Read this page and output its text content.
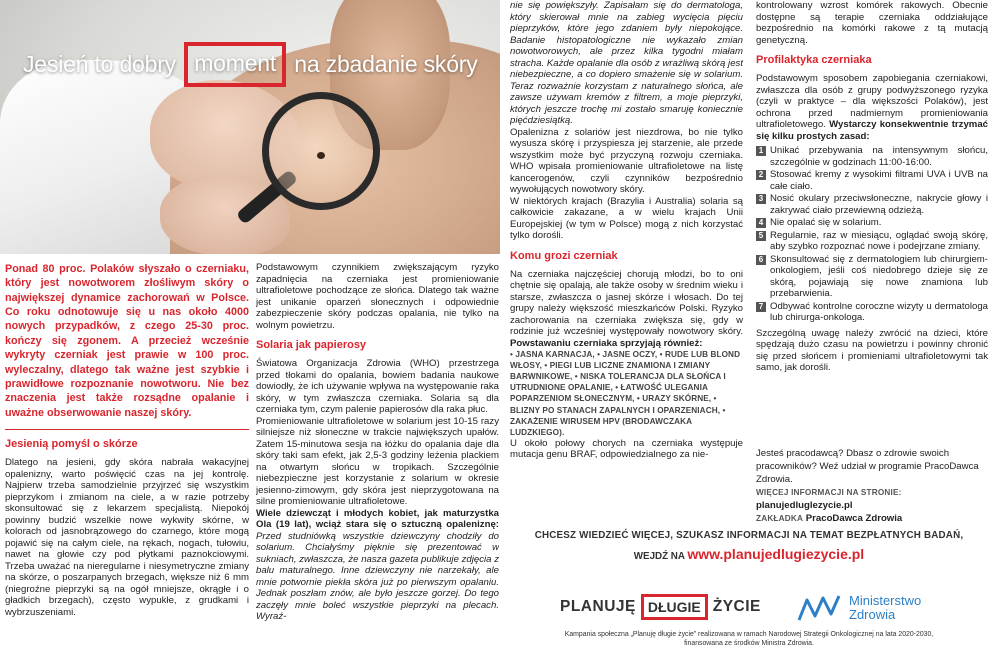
Jesień to dobry moment na zbadanie skóry

Ponad 80 proc. Polaków słyszało o czerniaku, który jest nowotworem złośliwym skóry o największej dynamice zachorowań w Polsce. Co roku odnotowuje się u nas około 4000 nowych przypadków, z czego 25-30 proc. kończy się zgonem. A przecież wcześnie wykryty czerniak jest prawie w 100 proc. wyleczalny, dlatego tak ważne jest szybkie i prawidłowe rozpoznanie nowotworu. Nie bez znaczenia jest także rozsądne opalanie i uważne obserwowanie naszej skóry.

Jesienią pomyśl o skórze

Dlatego na jesieni, gdy skóra nabrała wakacyjnej opalenizny, warto poświęcić czas na jej kontrolę. Najpierw trzeba samodzielnie przyjrzeć się wszystkim pieprzykom i zmianom na ciele, a w razie potrzeby skonsultować się z lekarzem specjalistą. Niepokój powinny budzić wszelkie nowe wykwity skórne, w kolorach od jasnobrązowego do czarnego, które mogą pojawić się na całym ciele, na rękach, nogach, tułowiu, nawet na głowie czy pod płytkami paznokciowymi. Trzeba uważać na nieregularne i niesymetryczne zmiany na skórze, o poszarpanych brzegach, większe niż 6 mm (niegroźne pieprzyki są na ogół mniejsze, okrągłe i o gładkich brzegach), często wypukłe, z grudkami i wybrzuszeniami.

Podstawowym czynnikiem zwiększającym ryzyko zapadnięcia na czerniaka jest promieniowanie ultrafioletowe pochodzące ze słońca. Dlatego tak ważne jest unikanie oparzeń słonecznych i odpowiednie zabezpieczenie skóry podczas opalania, nie tylko na wolnym powietrzu.

Solaria jak papierosy

Światowa Organizacja Zdrowia (WHO) przestrzega przed tłokami do opalania, bowiem badania naukowe dowiodły, że ich używanie wpływa na występowanie raka skóry, w tym zwłaszcza czerniaka. Solaria są dla czerniaka tym, czym palenie papierosów dla raka płuc.

Promieniowanie ultrafioletowe w solarium jest 10-15 razy silniejsze niż słoneczne w trakcie największych upałów. Zatem 15-minutowa sesja na łóżku do opalania daje dla skóry taki sam efekt, jak 2,5-3 godziny leżenia plackiem na otwartym słońcu w tropikach. Szczególnie niebezpieczne jest korzystanie z solarium w okresie jesienno-zimowym, gdy skóra jest nieprzygotowana na silne promieniowanie ultrafioletowe.

Wiele dziewcząt i młodych kobiet, jak maturzystka Ola (19 lat), wciąż stara się o sztuczną opaleniznę: Przed studniówką wszystkie dziewczyny chodziły do solarium. Chciałyśmy pięknie się prezentować w sukniach, zwłaszcza, że nasza gazeta publikuje zdjęcia z balu maturalnego. Inne dziewczyny nie narzekały, ale mnie potwornie piekła skóra już po pierwszym opalaniu. Jednak poszłam znów, ale było jeszcze gorzej. Do tego zaczęły mnie boleć wszystkie pieprzyki na plecach. Wyraź-

nie się powiększyły. Zapisałam się do dermatologa, który skierował mnie na zabieg wycięcia pięciu pieprzyków, które jego zdaniem były niepokojące. Badanie histopatologiczne nie wykazało zmian nowotworowych, ale przez kilka tygodni miałam stracha. Każde opalanie dla osób z wrażliwą skórą jest niebezpieczne, a co dopiero smażenie się w solarium. Teraz rozważnie korzystam z naturalnego słońca, ale zawsze używam kremów z filtrem, a moje pieprzyki, których jeszcze trochę mi zostało smaruję koniecznie pięćdziesiątką.

Opalenizna z solariów jest niezdrowa, bo nie tylko wysusza skórę i przyspiesza jej starzenie, ale przede wszystkim może być przyczyną rozwoju czerniaka. WHO wpisała promieniowanie ultrafioletowe na listę kancerogenów, czyli czynników bezpośrednio wywołujących nowotwory skóry.

W niektórych krajach (Brazylia i Australia) solaria są całkowicie zakazane, a w wielu krajach Unii Europejskiej (w tym w Polsce) mogą z nich korzystać tylko dorośli.

Komu grozi czerniak

Na czerniaka najczęściej chorują młodzi, bo to oni chętnie się opalają, ale także osoby w średnim wieku i starsze, zwłaszcza o jasnej skórze i włosach. Do tej grupy należy większość mieszkańców Polski. Ryzyko zachorowania na czerniaka zwiększa się, gdy w rodzinie już wcześniej występowały nowotwory skóry. Powstawaniu czerniaka sprzyjają również:

• JASNA KARNACJA, • JASNE OCZY, • RUDE LUB BLOND WŁOSY, • PIEGI LUB LICZNE ZNAMIONA I ZMIANY BARWNIKOWE, • NISKA TOLERANCJA DLA SŁOŃCA I UTRUDNIONE OPALANIE, • ŁATWOŚĆ ULEGANIA POPARZENIOM SŁONECZNYM, • URAZY SKÓRNE, • BLIZNY PO STANACH ZAPALNYCH I OPARZENIACH, • ZAKAŻENIE WIRUSEM HPV (BRODAWCZAKA LUDZKIEGO).

U około połowy chorych na czerniaka występuje mutacja genu BRAF, odpowiedzialnego za nie-

kontrolowany wzrost komórek rakowych. Obecnie dostępne są terapie czerniaka oddziałujące bezpośrednio na komórki rakowe z tą mutacją genetyczną.

Profilaktyka czerniaka

Podstawowym sposobem zapobiegania czerniakowi, zwłaszcza dla osób z grupy podwyższonego ryzyka (czyli w praktyce – dla większości Polaków), jest ochrona przed nadmiernym promieniowania ultrafioletowego. Wystarczy konsekwentnie trzymać się kilku prostych zasad:

1 Unikać przebywania na intensywnym słońcu, szczególnie w godzinach 11:00-16:00.
2 Stosować kremy z wysokimi filtrami UVA i UVB na całe ciało.
3 Nosić okulary przeciwsłoneczne, nakrycie głowy i zakrywać ciało przewiewną odzieżą.
4 Nie opalać się w solarium.
5 Regularnie, raz w miesiącu, oglądać swoją skórę, aby szybko rozpoznać nowe i podejrzane zmiany.
6 Skonsultować się z dermatologiem lub chirurgiem-onkologiem, jeśli coś niedobrego dzieje się ze skórą, pojawiają się nowe znamiona lub przebarwienia.
7 Odbywać kontrolne coroczne wizyty u dermatologa lub chirurga-onkologa.

Szczególną uwagę należy zwrócić na dzieci, które spędzają dużo czasu na powietrzu i powinny chronić się przed słońcem i promieniami ultrafioletowymi tak samo, jak dorośli.

Jesteś pracodawcą? Dbasz o zdrowie swoich pracowników? Weź udział w programie PracoDawca Zdrowia.

WIĘCEJ INFORMACJI NA STRONIE: planujedluglezycie.pl

ZAKŁADKA PracoDawca Zdrowia

CHCESZ WIEDZIEĆ WIĘCEJ, SZUKASZ INFORMACJI NA TEMAT BEZPŁATNYCH BADAŃ,
WEJDŹ NA www.planujedlugiezycie.pl
PLANUJĘ DŁUGIE ŻYCIE	Ministerstwo
Zdrowia
Kampania społeczna „Planuję długie życie” realizowana w ramach Narodowej Strategii Onkologicznej na lata 2020-2030,
finansowana ze środków Ministra Zdrowia.
